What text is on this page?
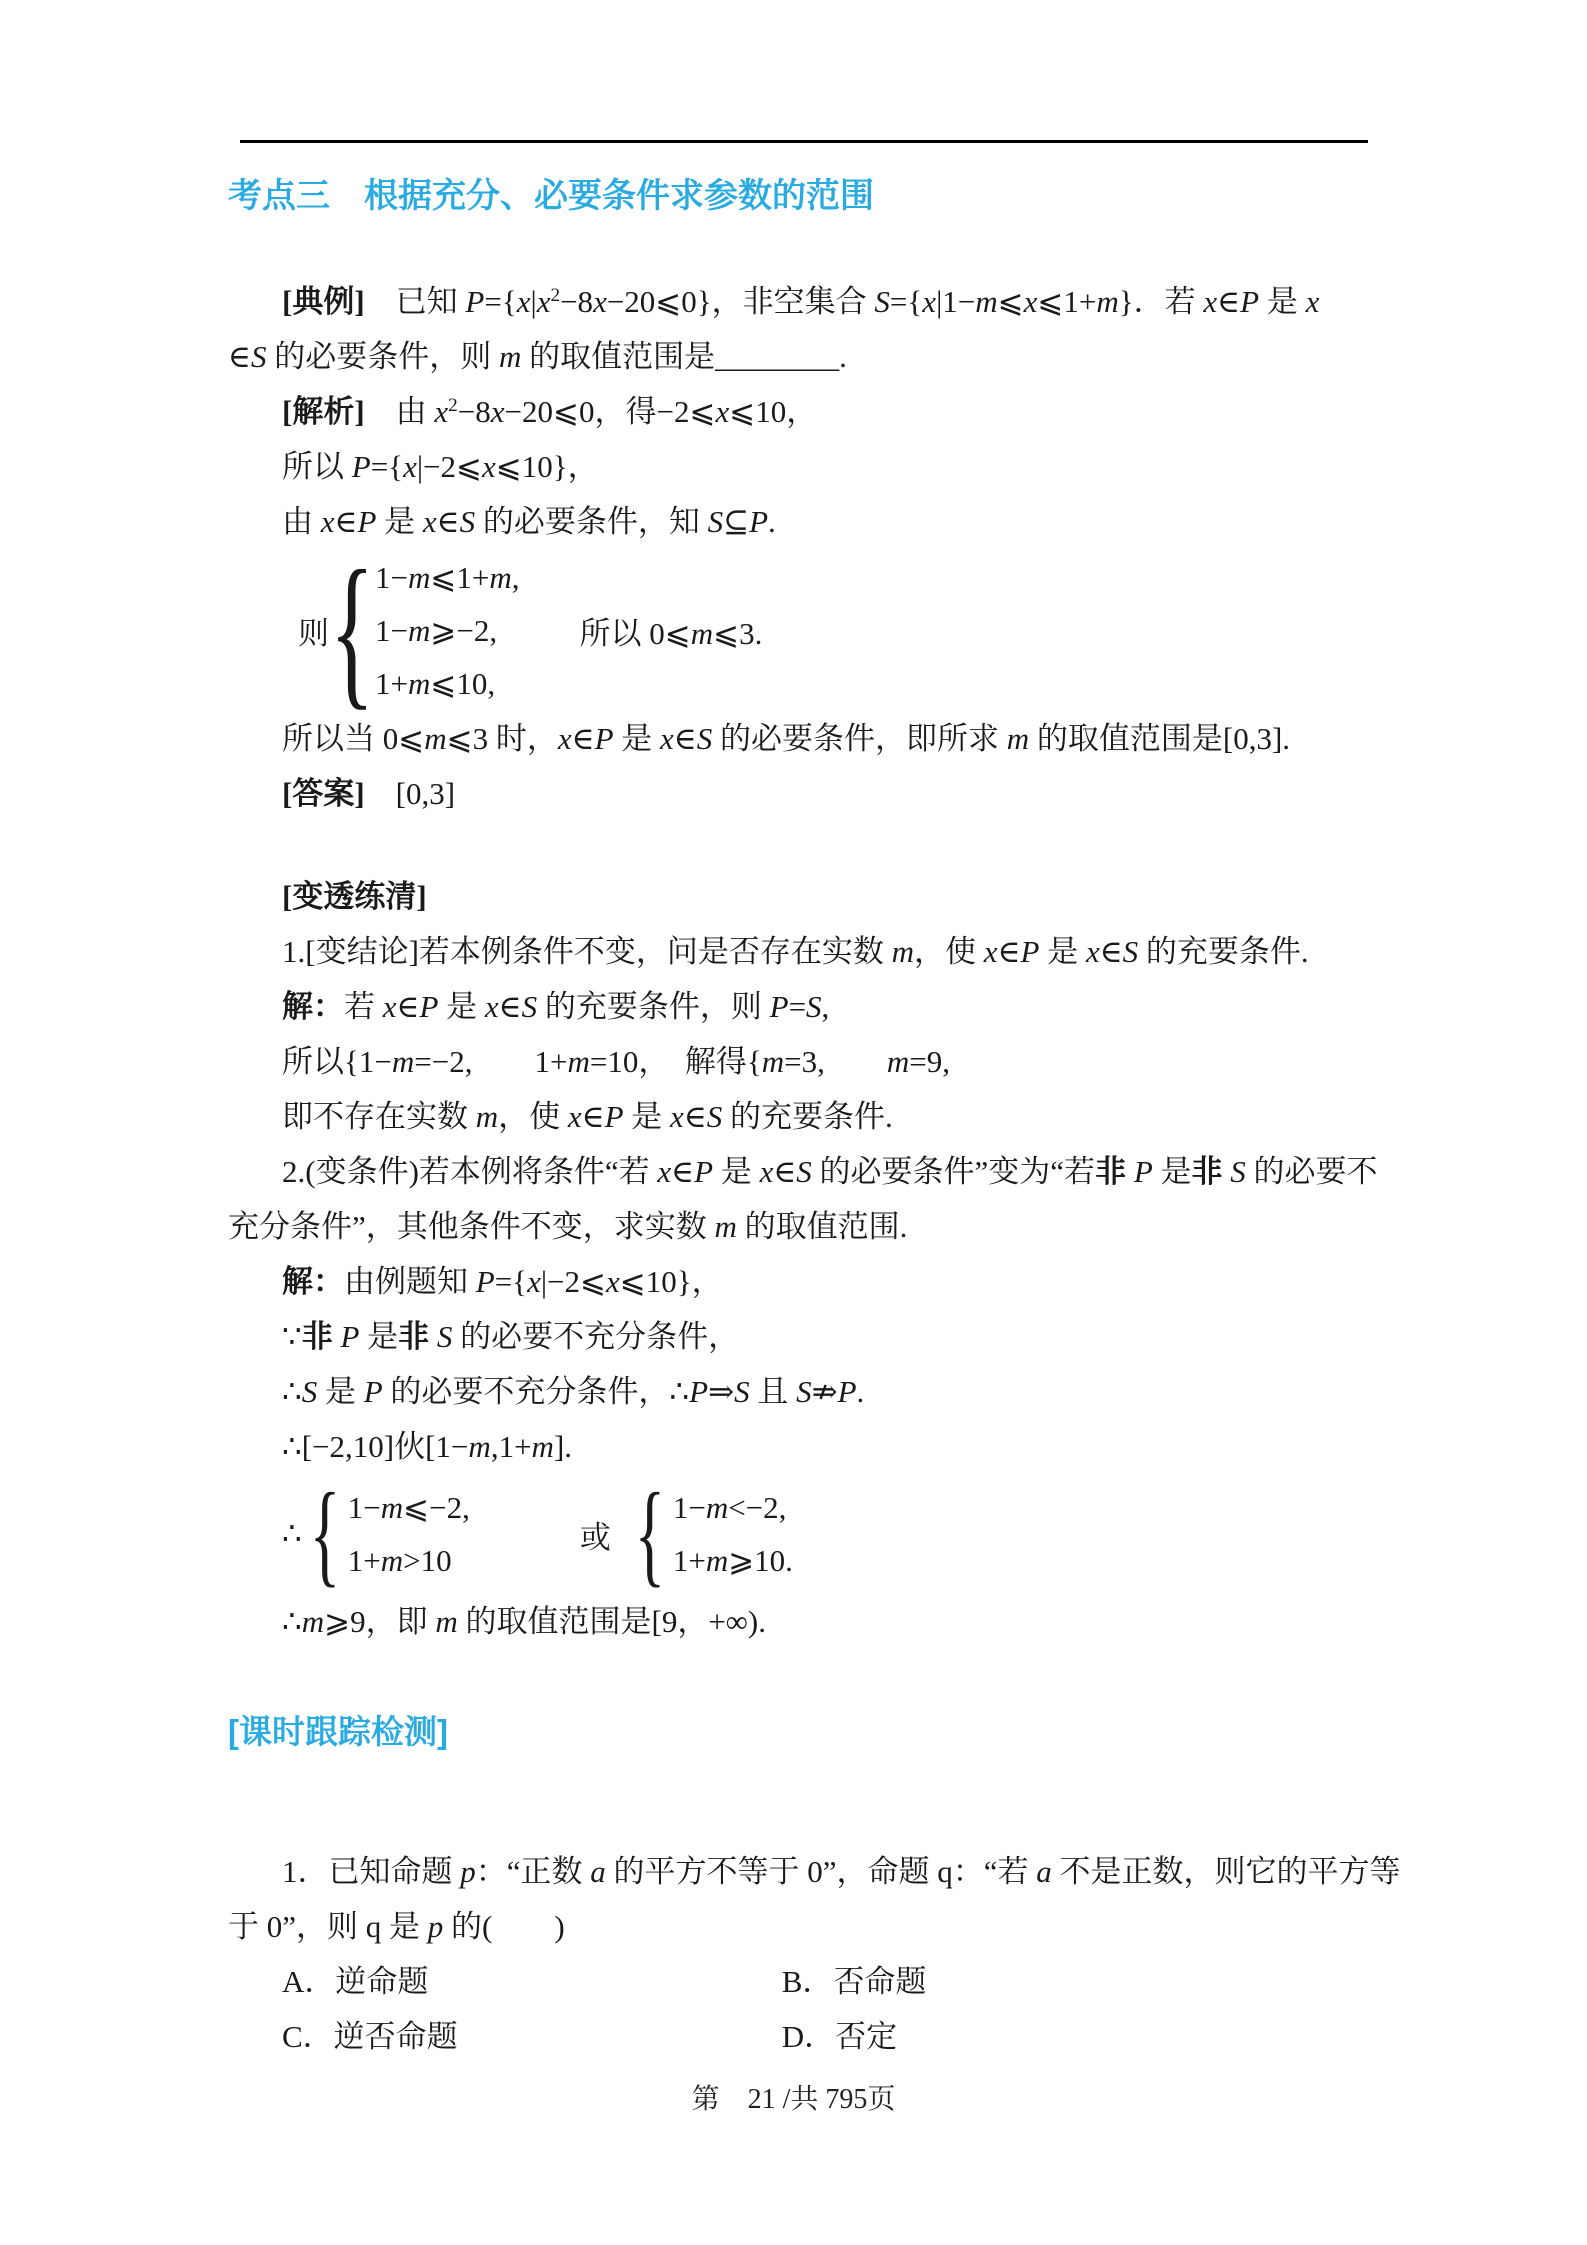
考点三　根据充分、必要条件求参数的范围
[典例]　已知 $P=\{x|x^2-8x-20⩽0\}$，非空集合 S={x|1−m⩽x⩽1+m}．若 x∈P 是 x
∈S 的必要条件，则 m 的取值范围是________.
[解析]　由 $x^2-8x-20⩽0$，得−2⩽x⩽10，
所以 P={x|−2⩽x⩽10}，
由 x∈P 是 x∈S 的必要条件，知 S⊆P.
则 { 1−m⩽1+m,
1−m⩾−2,
1+m⩽10,
所以 0⩽m⩽3.
所以当 0⩽m⩽3 时，x∈P 是 x∈S 的必要条件，即所求 m 的取值范围是[0,3].
[答案]　[0,3]
[变透练清]
1.[变结论]若本例条件不变，问是否存在实数 m，使 x∈P 是 x∈S 的充要条件.
解：若 x∈P 是 x∈S 的充要条件，则 P=S,
所以{1−m=−2,　　1+m=10，　解得{m=3,　　m=9,
即不存在实数 m，使 x∈P 是 x∈S 的充要条件.
2.(变条件)若本例将条件“若 x∈P 是 x∈S 的必要条件”变为“若非 P 是非 S 的必要不
充分条件”，其他条件不变，求实数 m 的取值范围.
解：由例题知 P={x|−2⩽x⩽10}，
∵非 P 是非 S 的必要不充分条件，
∴S 是 P 的必要不充分条件，∴P⇒S 且 S⇏P.
∴[−2,10]伙[1−m,1+m].
∴ { 1−m⩽−2,
1+m>10
或 { 1−m<−2,
1+m⩾10.
∴m⩾9，即 m 的取值范围是[9，+∞).
[课时跟踪检测]
1．已知命题 p：“正数 a 的平方不等于 0”，命题 q：“若 a 不是正数，则它的平方等
于 0”，则 q 是 p 的(　　)
A．逆命题	B．否命题
C．逆否命题	D．否定
第　21 /共 795页
